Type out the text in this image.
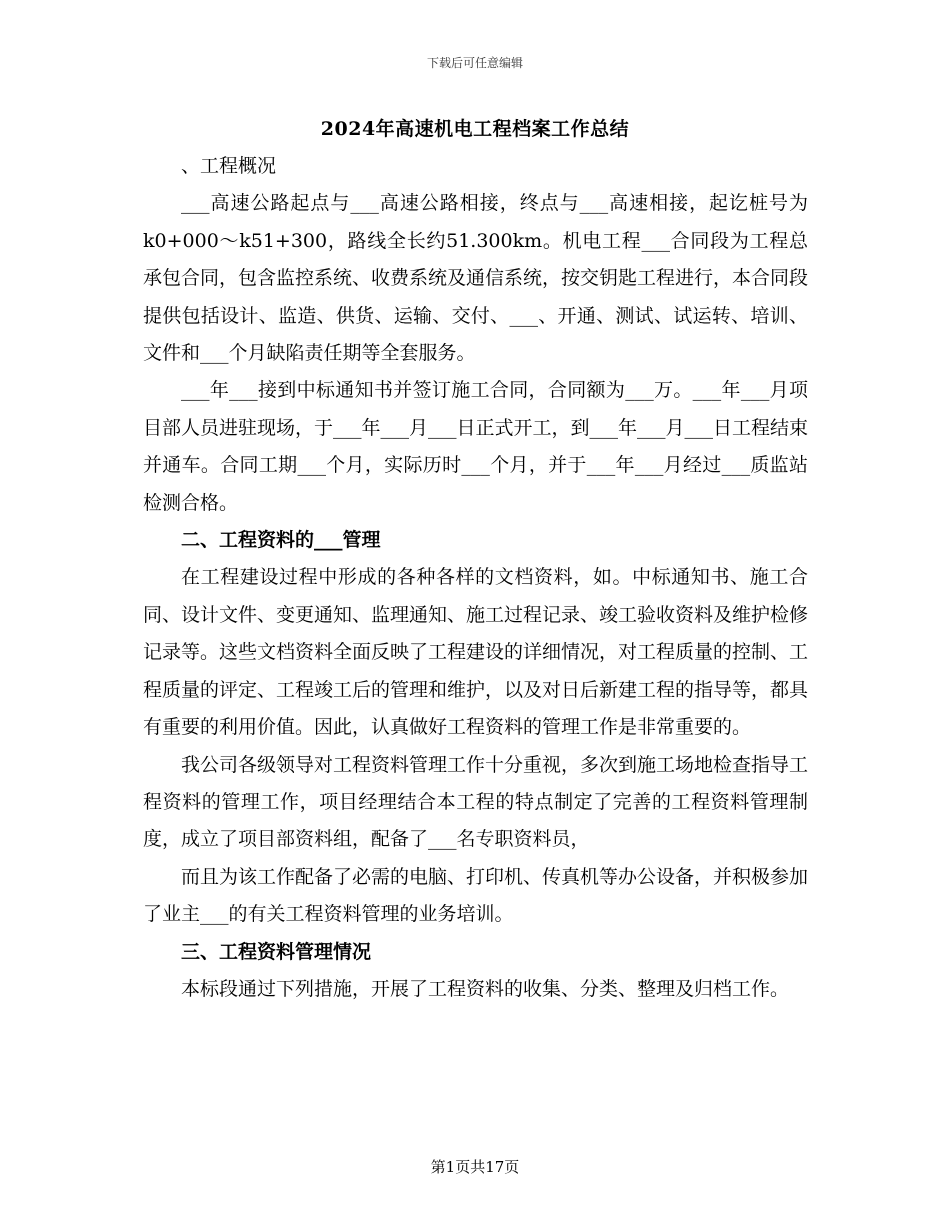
下载后可任意编辑
2024年高速机电工程档案工作总结

、工程概况

___高速公路起点与___高速公路相接，终点与___高速相接，起讫桩号为k0+000～k51+300，路线全长约51.300km。机电工程___合同段为工程总承包合同，包含监控系统、收费系统及通信系统，按交钥匙工程进行，本合同段提供包括设计、监造、供货、运输、交付、___、开通、测试、试运转、培训、文件和___个月缺陷责任期等全套服务。

___年___接到中标通知书并签订施工合同，合同额为___万。___年___月项目部人员进驻现场，于___年___月___日正式开工，到___年___月___日工程结束并通车。合同工期___个月，实际历时___个月，并于___年___月经过___质监站检测合格。

二、工程资料的___管理

在工程建设过程中形成的各种各样的文档资料，如。中标通知书、施工合同、设计文件、变更通知、监理通知、施工过程记录、竣工验收资料及维护检修记录等。这些文档资料全面反映了工程建设的详细情况，对工程质量的控制、工程质量的评定、工程竣工后的管理和维护，以及对日后新建工程的指导等，都具有重要的利用价值。因此，认真做好工程资料的管理工作是非常重要的。

我公司各级领导对工程资料管理工作十分重视，多次到施工场地检查指导工程资料的管理工作，项目经理结合本工程的特点制定了完善的工程资料管理制度，成立了项目部资料组，配备了___名专职资料员，

而且为该工作配备了必需的电脑、打印机、传真机等办公设备，并积极参加了业主___的有关工程资料管理的业务培训。

三、工程资料管理情况

本标段通过下列措施，开展了工程资料的收集、分类、整理及归档工作。

第1页共17页
